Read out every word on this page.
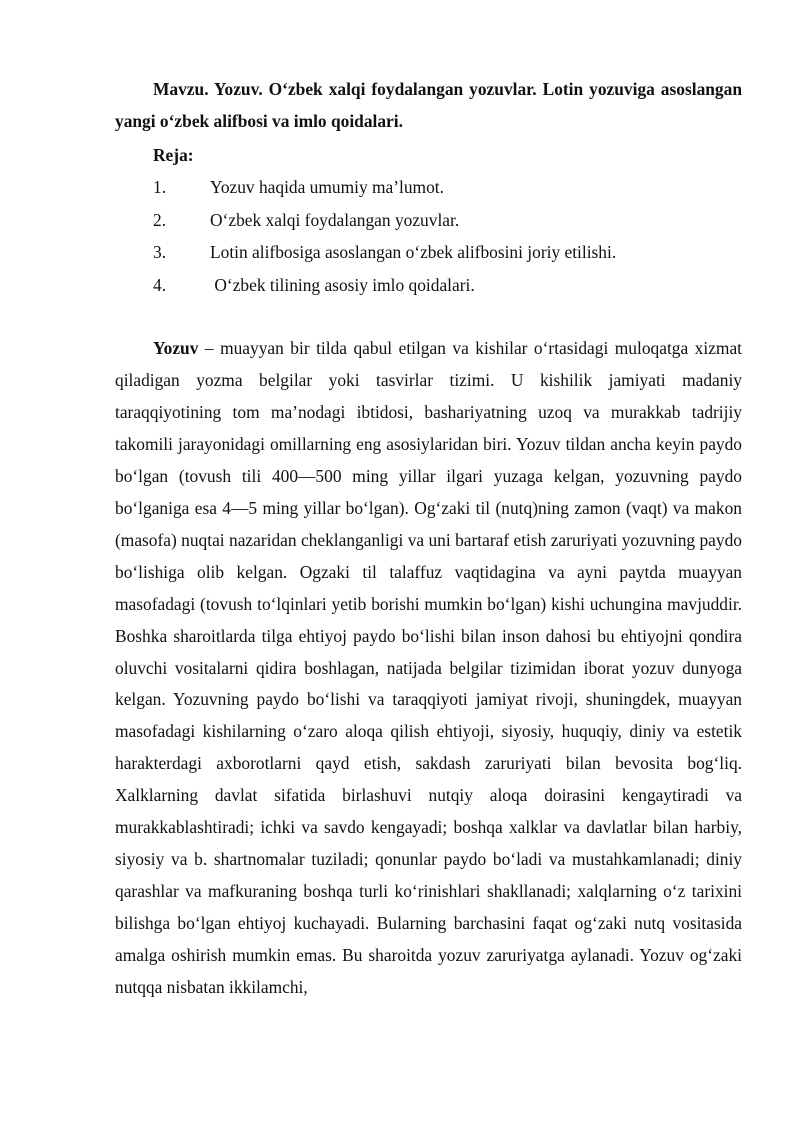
Mavzu. Yozuv. O‘zbek xalqi foydalangan yozuvlar. Lotin yozuviga asoslangan yangi o‘zbek alifbosi va imlo qoidalari.

Reja:

1.	Yozuv haqida umumiy ma’lumot.
2.	O‘zbek xalqi foydalangan yozuvlar.
3.	Lotin alifbosiga asoslangan o‘zbek alifbosini joriy etilishi.
4.	O‘zbek tilining asosiy imlo qoidalari.

Yozuv – muayyan bir tilda qabul etilgan va kishilar o‘rtasidagi muloqatga xizmat qiladigan yozma belgilar yoki tasvirlar tizimi. U kishilik jamiyati madaniy taraqqiyotining tom ma’nodagi ibtidosi, bashariyatning uzoq va murakkab tadrijiy takomili jarayonidagi omillarning eng asosiylaridan biri. Yozuv tildan ancha keyin paydo bo‘lgan (tovush tili 400—500 ming yillar ilgari yuzaga kelgan, yozuvning paydo bo‘lganiga esa 4—5 ming yillar bo‘lgan). Og‘zaki til (nutq)ning zamon (vaqt) va makon (masofa) nuqtai nazaridan cheklanganligi va uni bartaraf etish zaruriyati yozuvning paydo bo‘lishiga olib kelgan. Ogzaki til talaffuz vaqtidagina va ayni paytda muayyan masofadagi (tovush to‘lqinlari yetib borishi mumkin bo‘lgan) kishi uchungina mavjuddir. Boshka sharoitlarda tilga ehtiyoj paydo bo‘lishi bilan inson dahosi bu ehtiyojni qondira oluvchi vositalarni qidira boshlagan, natijada belgilar tizimidan iborat yozuv dunyoga kelgan. Yozuvning paydo bo‘lishi va taraqqiyoti jamiyat rivoji, shuningdek, muayyan masofadagi kishilarning o‘zaro aloqa qilish ehtiyoji, siyosiy, huquqiy, diniy va estetik harakterdagi axborotlarni qayd etish, sakdash zaruriyati bilan bevosita bog‘liq. Xalklarning davlat sifatida birlashuvi nutqiy aloqa doirasini kengaytiradi va murakkablashtiradi; ichki va savdo kengayadi; boshqa xalklar va davlatlar bilan harbiy, siyosiy va b. shartnomalar tuziladi; qonunlar paydo bo‘ladi va mustahkamlanadi; diniy qarashlar va mafkuraning boshqa turli ko‘rinishlari shakllanadi; xalqlarning o‘z tarixini bilishga bo‘lgan ehtiyoj kuchayadi. Bularning barchasini faqat og‘zaki nutq vositasida amalga oshirish mumkin emas. Bu sharoitda yozuv zaruriyatga aylanadi. Yozuv og‘zaki nutqqa nisbatan ikkilamchi,
